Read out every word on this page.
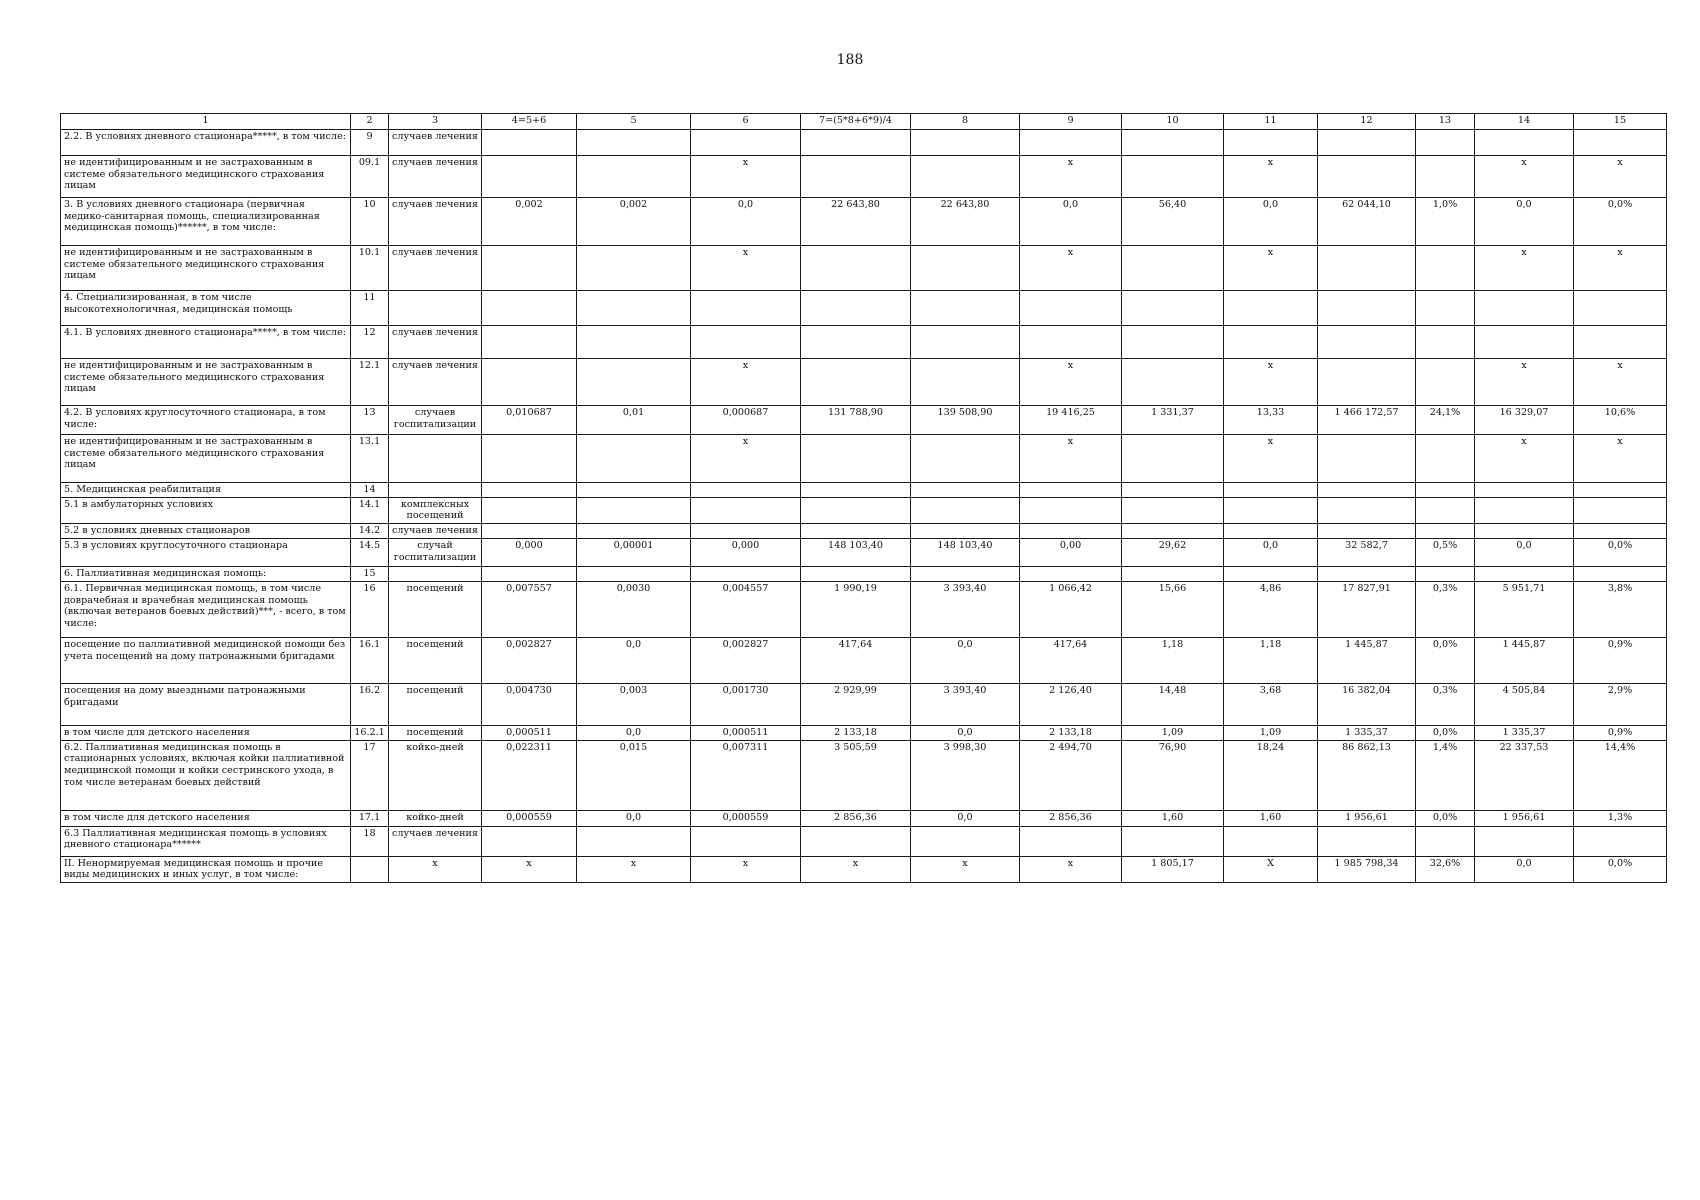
188
1	2	3	4=5+6	5	6	7=(5*8+6*9)/4	8	9	10	11	12	13	14	15
2.2. В условиях дневного стационара*****, в том числе:	9	случаев лечения												
не идентифицированным и не застрахованным в системе обязательного медицинского страхования лицам	09.1	случаев лечения			х			х		х			х	х
3. В условиях дневного стационара (первичная медико-санитарная помощь, специализированная медицинская помощь)******, в том числе:	10	случаев лечения	0,002	0,002	0,0	22 643,80	22 643,80	0,0	56,40	0,0	62 044,10	1,0%	0,0	0,0%
не идентифицированным и не застрахованным в системе обязательного медицинского страхования лицам	10.1	случаев лечения			х			х		х			х	х
4. Специализированная, в том числе высокотехнологичная, медицинская помощь	11													
4.1. В условиях дневного стационара*****, в том числе:	12	случаев лечения												
не идентифицированным и не застрахованным в системе обязательного медицинского страхования лицам	12.1	случаев лечения			х			х		х			х	х
4.2. В условиях круглосуточного стационара, в том числе:	13	случаев госпитализации	0,010687	0,01	0,000687	131 788,90	139 508,90	19 416,25	1 331,37	13,33	1 466 172,57	24,1%	16 329,07	10,6%
не идентифицированным и не застрахованным в системе обязательного медицинского страхования лицам	13.1				х			х		х			х	х
5. Медицинская реабилитация	14													
5.1 в амбулаторных условиях	14.1	комплексных посещений												
5.2 в условиях дневных стационаров	14.2	случаев лечения												
5.3 в условиях круглосуточного стационара	14.5	случай госпитализации	0,000	0,00001	0,000	148 103,40	148 103,40	0,00	29,62	0,0	32 582,7	0,5%	0,0	0,0%
6. Паллиативная медицинская помощь:	15													
6.1. Первичная медицинская помощь, в том числе доврачебная и врачебная медицинская помощь (включая ветеранов боевых действий)***, - всего, в том числе:	16	посещений	0,007557	0,0030	0,004557	1 990,19	3 393,40	1 066,42	15,66	4,86	17 827,91	0,3%	5 951,71	3,8%
посещение по паллиативной медицинской помощи без учета посещений на дому патронажными бригадами	16.1	посещений	0,002827	0,0	0,002827	417,64	0,0	417,64	1,18	1,18	1 445,87	0,0%	1 445,87	0,9%
посещения на дому выездными патронажными бригадами	16.2	посещений	0,004730	0,003	0,001730	2 929,99	3 393,40	2 126,40	14,48	3,68	16 382,04	0,3%	4 505,84	2,9%
в том числе для детского населения	16.2.1	посещений	0,000511	0,0	0,000511	2 133,18	0,0	2 133,18	1,09	1,09	1 335,37	0,0%	1 335,37	0,9%
6.2. Паллиативная медицинская помощь в стационарных условиях, включая койки паллиативной медицинской помощи и койки сестринского ухода, в том числе ветеранам боевых действий	17	койко-дней	0,022311	0,015	0,007311	3 505,59	3 998,30	2 494,70	76,90	18,24	86 862,13	1,4%	22 337,53	14,4%
в том числе для детского населения	17.1	койко-дней	0,000559	0,0	0,000559	2 856,36	0,0	2 856,36	1,60	1,60	1 956,61	0,0%	1 956,61	1,3%
6.3 Паллиативная медицинская помощь в условиях дневного стационара******	18	случаев лечения												
II. Ненормируемая медицинская помощь и прочие виды медицинских и иных услуг, в том числе:		х	х	х	х	х	х	х	1 805,17	Х	1 985 798,34	32,6%	0,0	0,0%
